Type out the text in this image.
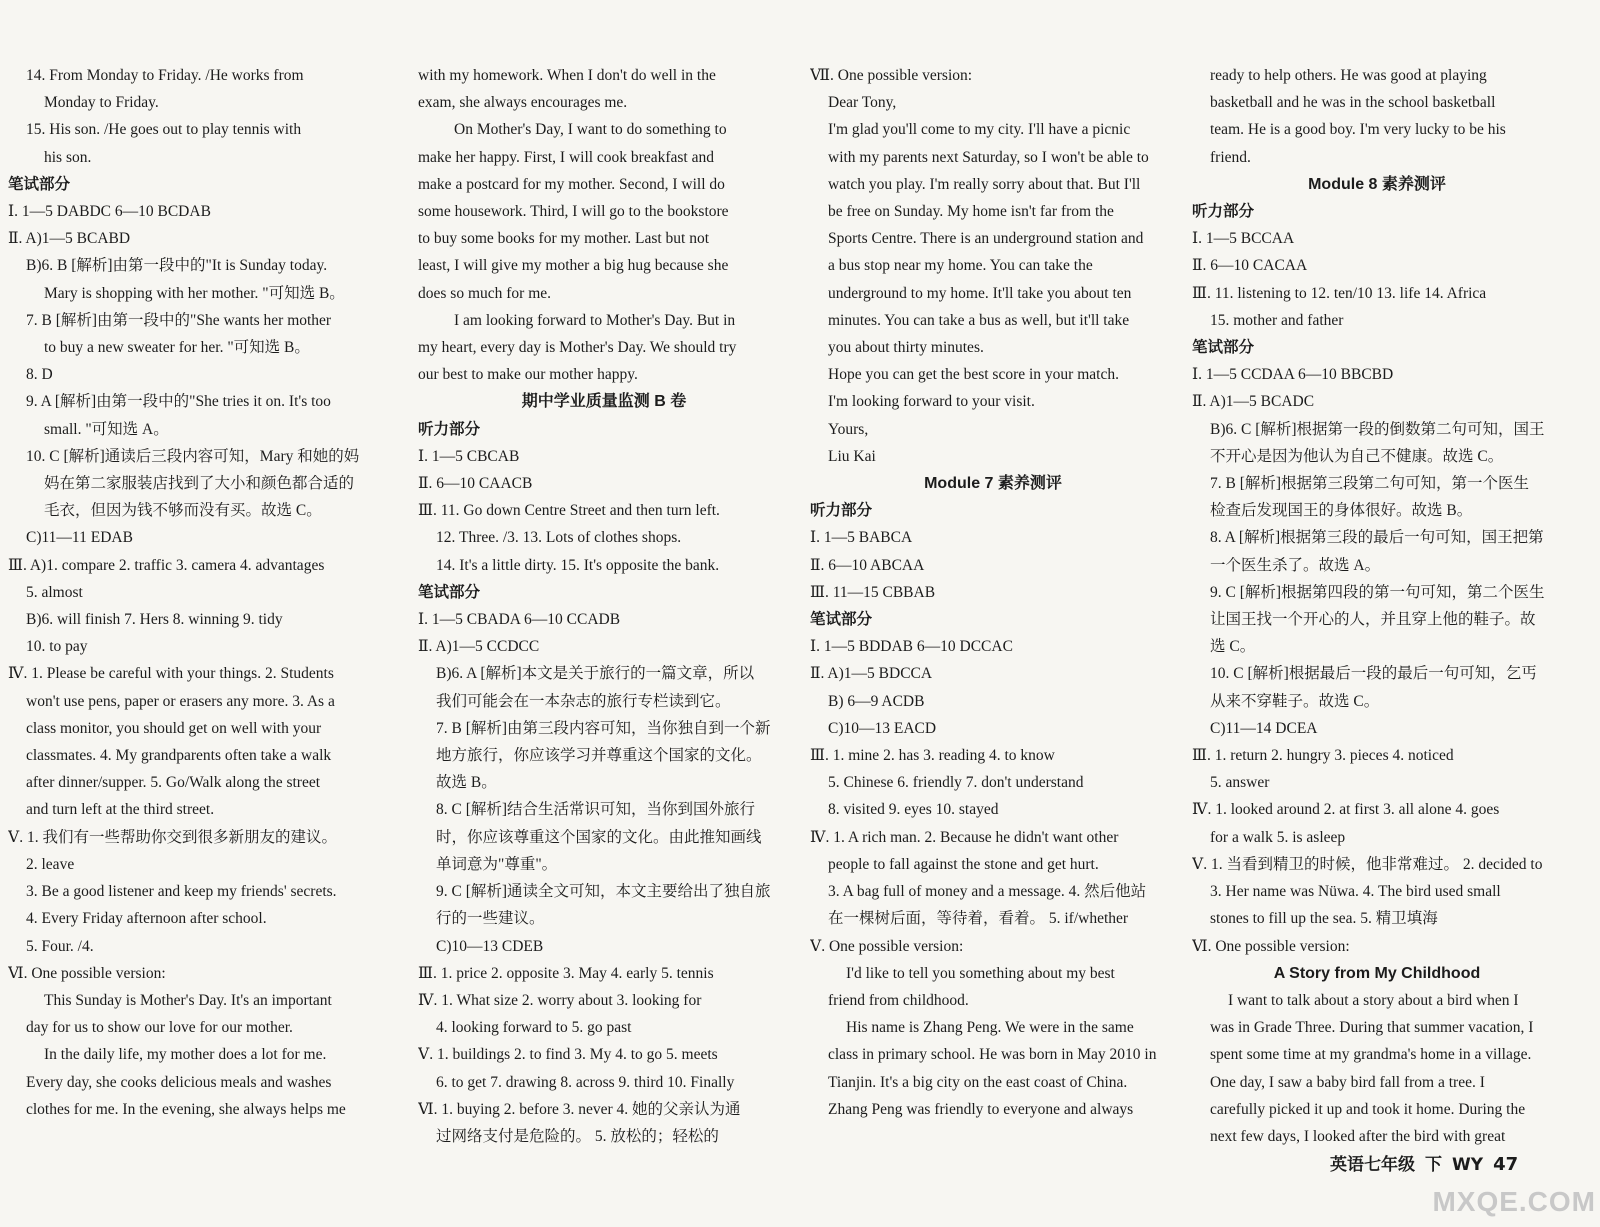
14. From Monday to Friday. /He works from
Monday to Friday.
15. His son. /He goes out to play tennis with
his son.
笔试部分
Ⅰ. 1—5 DABDC 6—10 BCDAB
Ⅱ. A)1—5 BCABD
B)6. B [解析]由第一段中的"It is Sunday today.
Mary is shopping with her mother. "可知选 B。
7. B [解析]由第一段中的"She wants her mother
to buy a new sweater for her. "可知选 B。
8. D
9. A [解析]由第一段中的"She tries it on. It's too
small. "可知选 A。
10. C [解析]通读后三段内容可知，Mary 和她的妈
妈在第二家服装店找到了大小和颜色都合适的
毛衣，但因为钱不够而没有买。故选 C。
C)11—11 EDAB
Ⅲ. A)1. compare 2. traffic 3. camera 4. advantages
5. almost
B)6. will finish 7. Hers 8. winning 9. tidy
10. to pay
Ⅳ. 1. Please be careful with your things. 2. Students
won't use pens, paper or erasers any more. 3. As a
class monitor, you should get on well with your
classmates. 4. My grandparents often take a walk
after dinner/supper. 5. Go/Walk along the street
and turn left at the third street.
Ⅴ. 1. 我们有一些帮助你交到很多新朋友的建议。
2. leave
3. Be a good listener and keep my friends' secrets.
4. Every Friday afternoon after school.
5. Four. /4.
Ⅵ. One possible version:
This Sunday is Mother's Day. It's an important
day for us to show our love for our mother.
In the daily life, my mother does a lot for me.
Every day, she cooks delicious meals and washes
clothes for me. In the evening, she always helps me
with my homework. When I don't do well in the
exam, she always encourages me.
On Mother's Day, I want to do something to
make her happy. First, I will cook breakfast and
make a postcard for my mother. Second, I will do
some housework. Third, I will go to the bookstore
to buy some books for my mother. Last but not
least, I will give my mother a big hug because she
does so much for me.
I am looking forward to Mother's Day. But in
my heart, every day is Mother's Day. We should try
our best to make our mother happy.
期中学业质量监测 B 卷
听力部分
Ⅰ. 1—5 CBCAB
Ⅱ. 6—10 CAACB
Ⅲ. 11. Go down Centre Street and then turn left.
12. Three. /3. 13. Lots of clothes shops.
14. It's a little dirty. 15. It's opposite the bank.
笔试部分
Ⅰ. 1—5 CBADA 6—10 CCADB
Ⅱ. A)1—5 CCDCC
B)6. A [解析]本文是关于旅行的一篇文章，所以
我们可能会在一本杂志的旅行专栏读到它。
7. B [解析]由第三段内容可知，当你独自到一个新
地方旅行，你应该学习并尊重这个国家的文化。
故选 B。
8. C [解析]结合生活常识可知，当你到国外旅行
时，你应该尊重这个国家的文化。由此推知画线
单词意为"尊重"。
9. C [解析]通读全文可知，本文主要给出了独自旅
行的一些建议。
C)10—13 CDEB
Ⅲ. 1. price 2. opposite 3. May 4. early 5. tennis
Ⅳ. 1. What size 2. worry about 3. looking for
4. looking forward to 5. go past
Ⅴ. 1. buildings 2. to find 3. My 4. to go 5. meets
6. to get 7. drawing 8. across 9. third 10. Finally
Ⅵ. 1. buying 2. before 3. never 4. 她的父亲认为通
过网络支付是危险的。 5. 放松的；轻松的
Ⅶ. One possible version:
Dear Tony,
I'm glad you'll come to my city. I'll have a picnic
with my parents next Saturday, so I won't be able to
watch you play. I'm really sorry about that. But I'll
be free on Sunday. My home isn't far from the
Sports Centre. There is an underground station and
a bus stop near my home. You can take the
underground to my home. It'll take you about ten
minutes. You can take a bus as well, but it'll take
you about thirty minutes.
Hope you can get the best score in your match.
I'm looking forward to your visit.
Yours,
Liu Kai
Module 7 素养测评
听力部分
Ⅰ. 1—5 BABCA
Ⅱ. 6—10 ABCAA
Ⅲ. 11—15 CBBAB
笔试部分
Ⅰ. 1—5 BDDAB 6—10 DCCAC
Ⅱ. A)1—5 BDCCA
B) 6—9 ACDB
C)10—13 EACD
Ⅲ. 1. mine 2. has 3. reading 4. to know
5. Chinese 6. friendly 7. don't understand
8. visited 9. eyes 10. stayed
Ⅳ. 1. A rich man. 2. Because he didn't want other
people to fall against the stone and get hurt.
3. A bag full of money and a message. 4. 然后他站
在一棵树后面，等待着，看着。 5. if/whether
Ⅴ. One possible version:
I'd like to tell you something about my best
friend from childhood.
His name is Zhang Peng. We were in the same
class in primary school. He was born in May 2010 in
Tianjin. It's a big city on the east coast of China.
Zhang Peng was friendly to everyone and always
ready to help others. He was good at playing
basketball and he was in the school basketball
team. He is a good boy. I'm very lucky to be his
friend.
Module 8 素养测评
听力部分
Ⅰ. 1—5 BCCAA
Ⅱ. 6—10 CACAA
Ⅲ. 11. listening to 12. ten/10 13. life 14. Africa
15. mother and father
笔试部分
Ⅰ. 1—5 CCDAA 6—10 BBCBD
Ⅱ. A)1—5 BCADC
B)6. C [解析]根据第一段的倒数第二句可知，国王
不开心是因为他认为自己不健康。故选 C。
7. B [解析]根据第三段第二句可知，第一个医生
检查后发现国王的身体很好。故选 B。
8. A [解析]根据第三段的最后一句可知，国王把第
一个医生杀了。故选 A。
9. C [解析]根据第四段的第一句可知，第二个医生
让国王找一个开心的人，并且穿上他的鞋子。故
选 C。
10. C [解析]根据最后一段的最后一句可知，乞丐
从来不穿鞋子。故选 C。
C)11—14 DCEA
Ⅲ. 1. return 2. hungry 3. pieces 4. noticed
5. answer
Ⅳ. 1. looked around 2. at first 3. all alone 4. goes
for a walk 5. is asleep
Ⅴ. 1. 当看到精卫的时候，他非常难过。 2. decided to
3. Her name was Nüwa. 4. The bird used small
stones to fill up the sea. 5. 精卫填海
Ⅵ. One possible version:
A Story from My Childhood
I want to talk about a story about a bird when I
was in Grade Three. During that summer vacation, I
spent some time at my grandma's home in a village.
One day, I saw a baby bird fall from a tree. I
carefully picked it up and took it home. During the
next few days, I looked after the bird with great
英语七年级 下 WY 47
MXQE.COM
